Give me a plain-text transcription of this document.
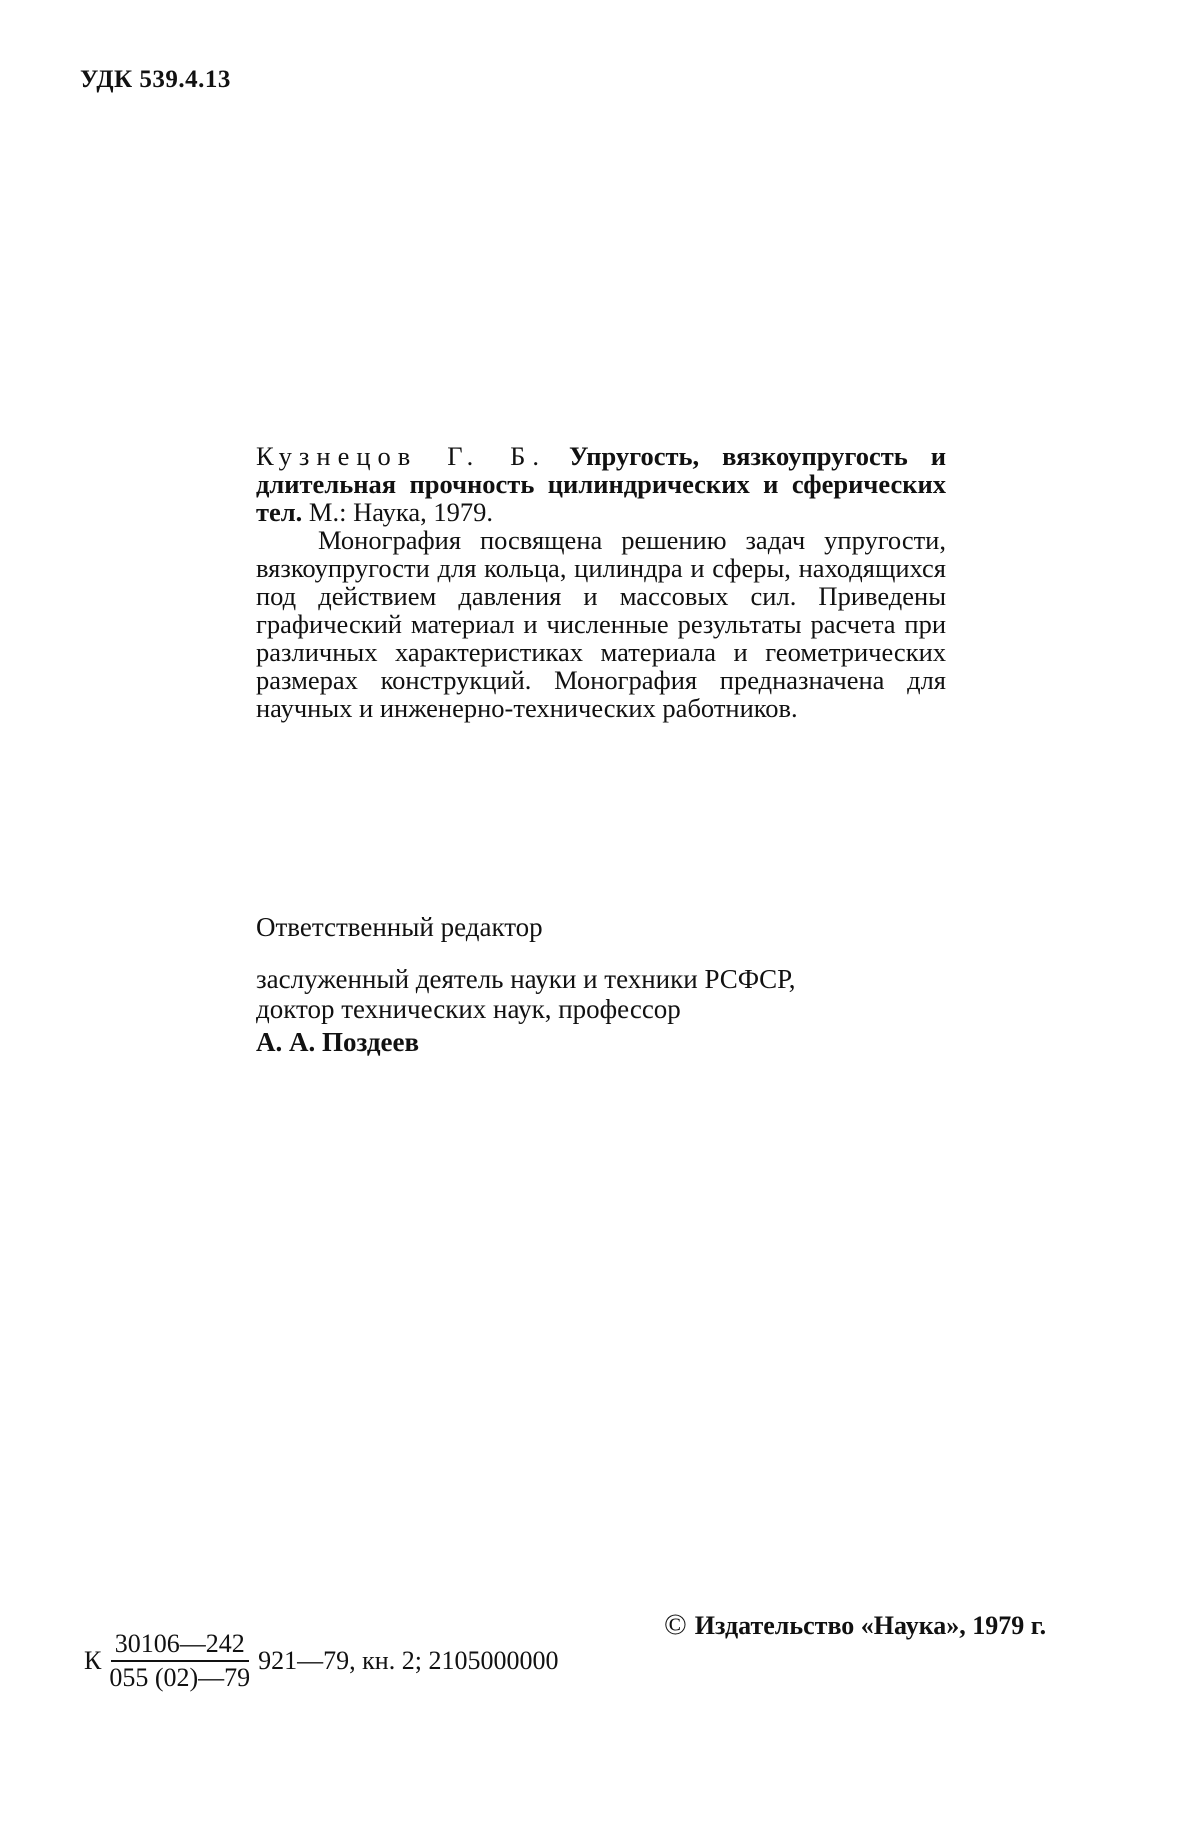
УДК 539.4.13

Кузнецов Г. Б. Упругость, вязкоупругость и длительная прочность цилиндрических и сферических тел. М.: Наука, 1979.

Монография посвящена решению задач упругости, вязкоупругости для кольца, цилиндра и сферы, находящихся под действием давления и массовых сил. Приведены графический материал и численные результаты расчета при различных характеристиках материала и геометрических размерах конструкций. Монография предназначена для научных и инженерно-технических работников.

Ответственный редактор
заслуженный деятель науки и техники РСФСР,
доктор технических наук, профессор
А. А. Поздеев
© Издательство «Наука», 1979 г.
К $\frac{30106—242}{055 (02)—79}$ 921—79, кн. 2; 2105000000
